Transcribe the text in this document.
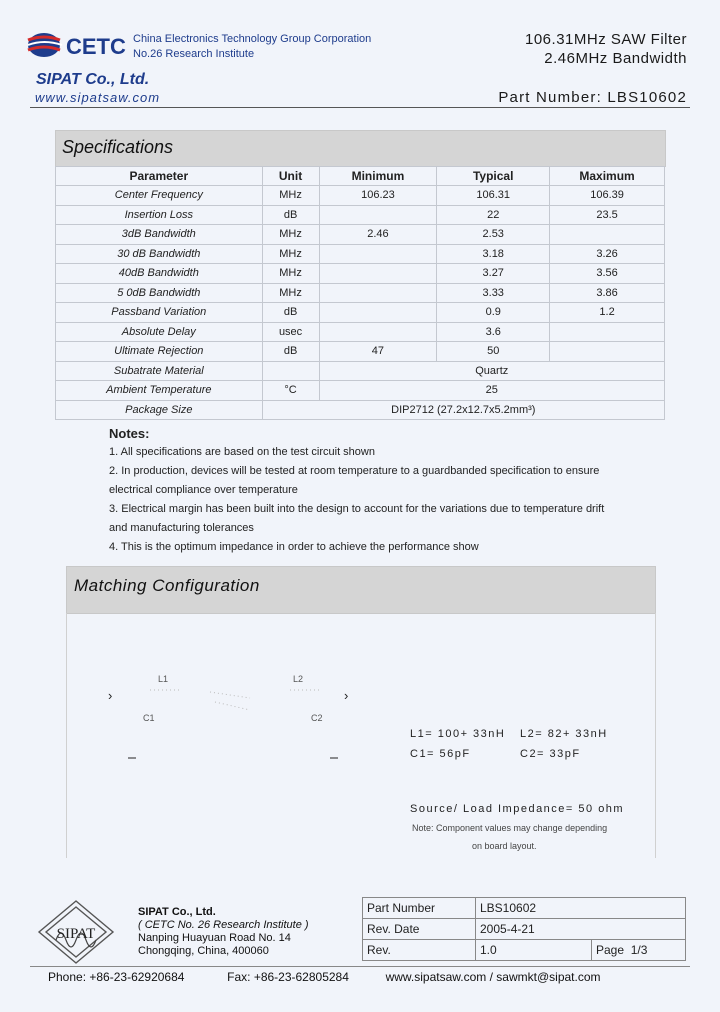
CETC China Electronics Technology Group Corporation
No.26 Research Institute
106.31MHz SAW Filter
2.46MHz Bandwidth
SIPAT Co., Ltd.
www.sipatsaw.com	Part Number: LBS10602
Specifications
Parameter	Unit	Minimum	Typical	Maximum
Center Frequency	MHz	106.23	106.31	106.39
Insertion Loss	dB		22	23.5
3dB Bandwidth	MHz	2.46	2.53	
30 dB Bandwidth	MHz		3.18	3.26
40dB Bandwidth	MHz		3.27	3.56
5 0dB Bandwidth	MHz		3.33	3.86
Passband Variation	dB		0.9	1.2
Absolute Delay	usec		3.6	
Ultimate Rejection	dB	47	50	
Subatrate Material		Quartz		
Ambient Temperature	°C	25		
Package Size	DIP2712 (27.2x12.7x5.2mm³)			
Notes:
1. All specifications are based on the test circuit shown
2. In production, devices will be tested at room temperature to a guardbanded specification to ensure
electrical compliance over temperature
3. Electrical margin has been built into the design to account for the variations due to temperature drift
and manufacturing tolerances
4. This is the optimum impedance in order to achieve the performance show
Matching Configuration
›	›
L1	L2
C1	C2
L1= 100+ 33nH L2= 82+ 33nH
C1= 56pF	C2= 33pF
Source/ Load Impedance= 50 ohm
Note: Component values may change depending
on board layout.
SIPAT
SIPAT Co., Ltd.
( CETC No. 26 Research Institute )
Nanping Huayuan Road No. 14
Chongqing, China, 400060
Part Number	LBS10602	
Rev. Date	2005-4-21	
Rev.	1.0	Page 1/3
Phone: +86-23-62920684	Fax: +86-23-62805284	www.sipatsaw.com / sawmkt@sipat.com
